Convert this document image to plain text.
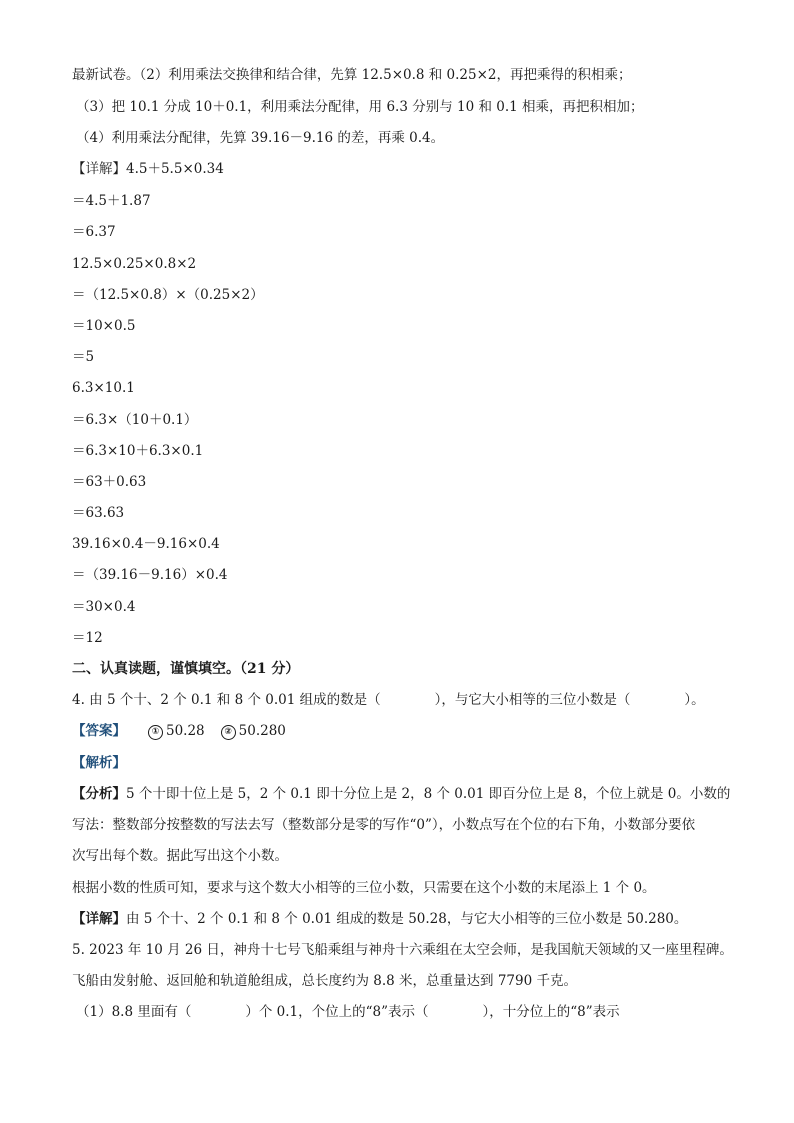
最新试卷。（2）利用乘法交换律和结合律，先算 12.5×0.8 和 0.25×2，再把乘得的积相乘；
（3）把 10.1 分成 10＋0.1，利用乘法分配律，用 6.3 分别与 10 和 0.1 相乘，再把积相加；
（4）利用乘法分配律，先算 39.16－9.16 的差，再乘 0.4。
【详解】4.5＋5.5×0.34
＝4.5＋1.87
＝6.37
12.5×0.25×0.8×2
＝（12.5×0.8）×（0.25×2）
＝10×0.5
＝5
6.3×10.1
＝6.3×（10＋0.1）
＝6.3×10＋6.3×0.1
＝63＋0.63
＝63.63
39.16×0.4－9.16×0.4
＝（39.16－9.16）×0.4
＝30×0.4
＝12
二、认真读题，谨慎填空。（21 分）
4. 由 5 个十、2 个 0.1 和 8 个 0.01 组成的数是（　　　　），与它大小相等的三位小数是（　　　　）。
【答案】	① 50.28 ② 50.280
【解析】
【分析】5 个十即十位上是 5，2 个 0.1 即十分位上是 2，8 个 0.01 即百分位上是 8，个位上就是 0。小数的
写法：整数部分按整数的写法去写（整数部分是零的写作“0”），小数点写在个位的右下角，小数部分要依
次写出每个数。据此写出这个小数。
根据小数的性质可知，要求与这个数大小相等的三位小数，只需要在这个小数的末尾添上 1 个 0。
【详解】由 5 个十、2 个 0.1 和 8 个 0.01 组成的数是 50.28，与它大小相等的三位小数是 50.280。
5. 2023 年 10 月 26 日，神舟十七号飞船乘组与神舟十六乘组在太空会师，是我国航天领域的又一座里程碑。
飞船由发射舱、返回舱和轨道舱组成，总长度约为 8.8 米，总重量达到 7790 千克。
（1）8.8 里面有（　　　　）个 0.1，个位上的“8”表示（　　　　），十分位上的“8”表示
